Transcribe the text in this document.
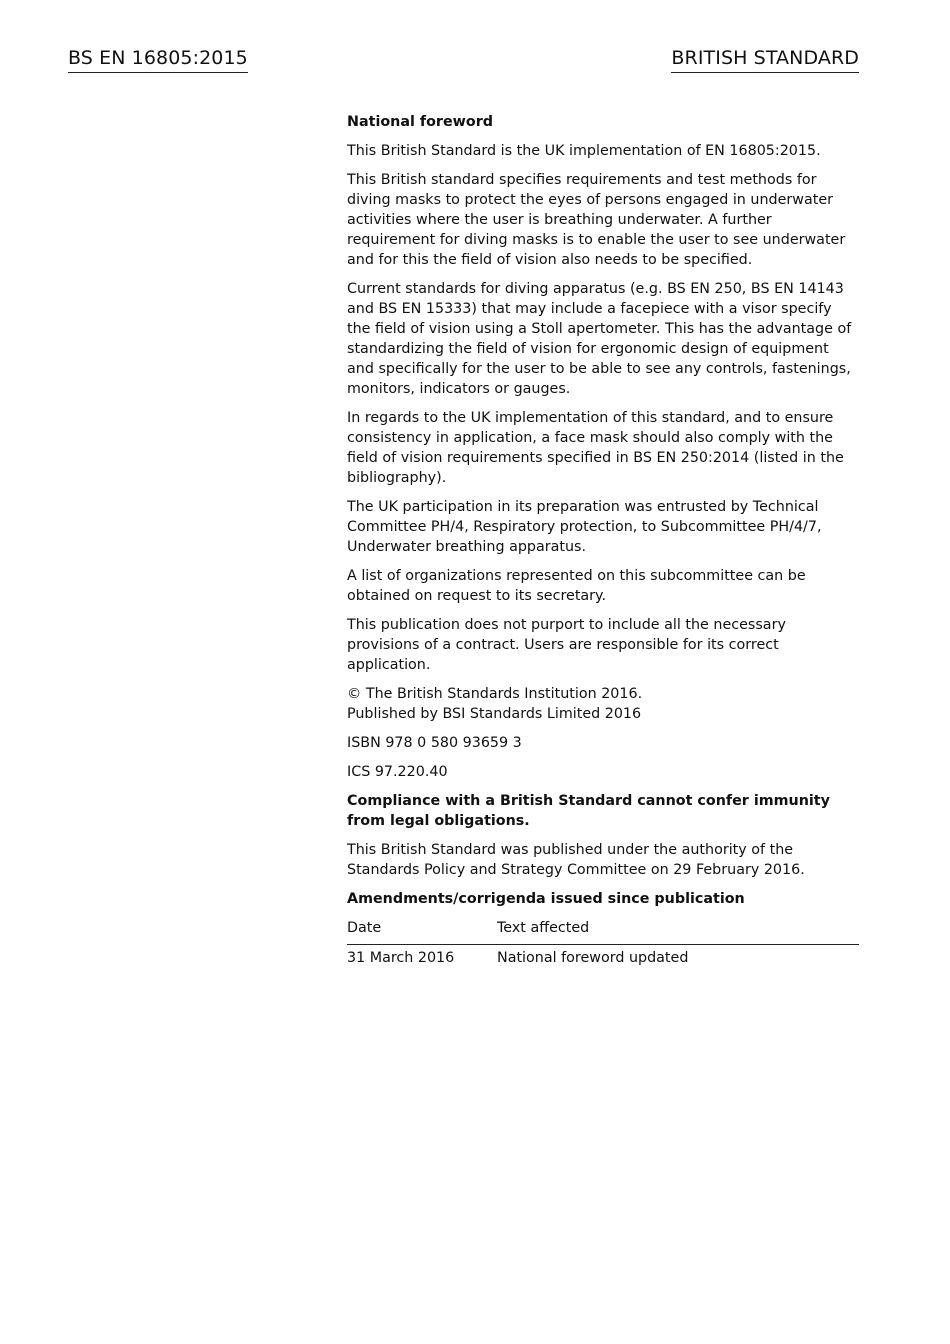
BS EN 16805:2015	BRITISH STANDARD

National foreword

This British Standard is the UK implementation of EN 16805:2015.

This British standard specifies requirements and test methods for diving masks to protect the eyes of persons engaged in underwater activities where the user is breathing underwater. A further requirement for diving masks is to enable the user to see underwater and for this the field of vision also needs to be specified.

Current standards for diving apparatus (e.g. BS EN 250, BS EN 14143 and BS EN 15333) that may include a facepiece with a visor specify the field of vision using a Stoll apertometer. This has the advantage of standardizing the field of vision for ergonomic design of equipment and specifically for the user to be able to see any controls, fastenings, monitors, indicators or gauges.

In regards to the UK implementation of this standard, and to ensure consistency in application, a face mask should also comply with the field of vision requirements specified in BS EN 250:2014 (listed in the bibliography).

The UK participation in its preparation was entrusted by Technical Committee PH/4, Respiratory protection, to Subcommittee PH/4/7, Underwater breathing apparatus.

A list of organizations represented on this subcommittee can be obtained on request to its secretary.

This publication does not purport to include all the necessary provisions of a contract. Users are responsible for its correct application.

© The British Standards Institution 2016.
Published by BSI Standards Limited 2016

ISBN 978 0 580 93659 3

ICS 97.220.40

Compliance with a British Standard cannot confer immunity from legal obligations.

This British Standard was published under the authority of the Standards Policy and Strategy Committee on 29 February 2016.

Amendments/corrigenda issued since publication

Date	Text affected
31 March 2016	National foreword updated
